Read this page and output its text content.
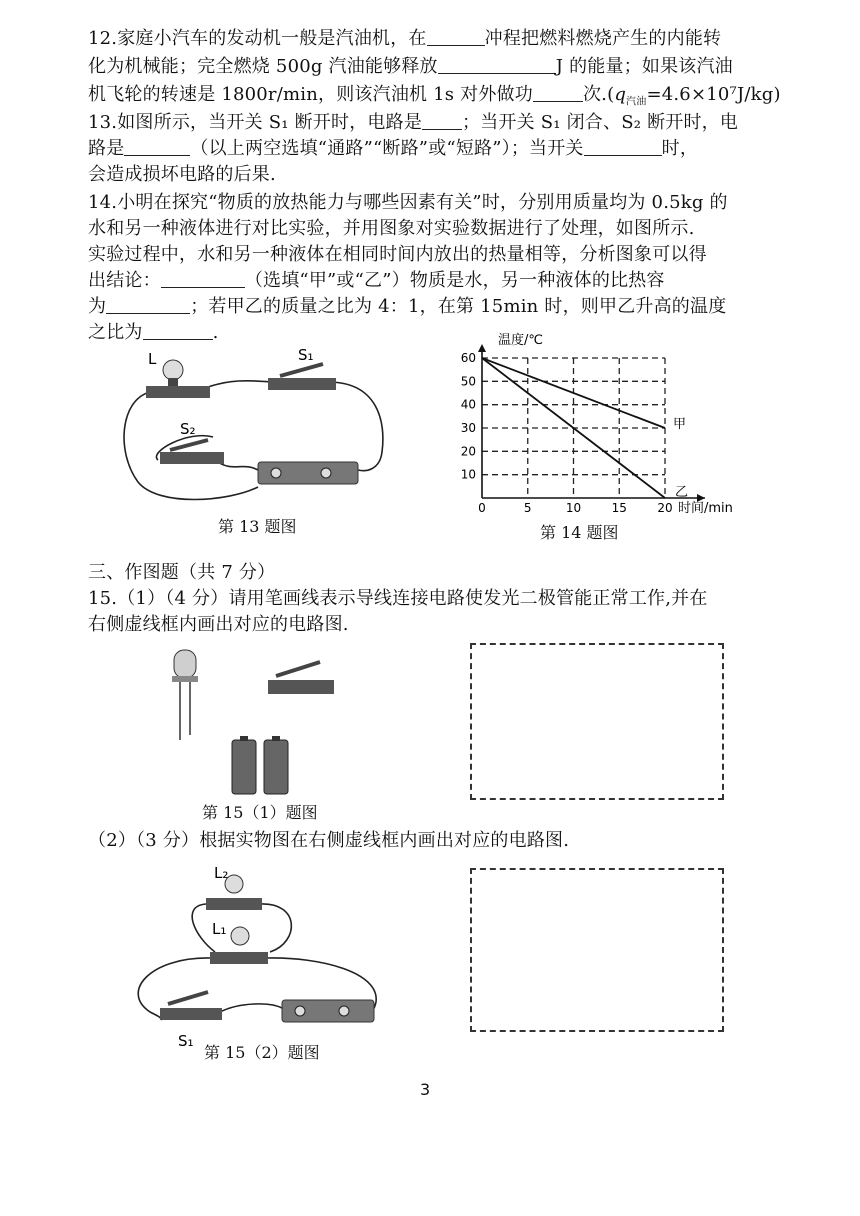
12.家庭小汽车的发动机一般是汽油机，在	冲程把燃料燃烧产生的内能转
化为机械能；完全燃烧 500g 汽油能够释放	J 的能量；如果该汽油
机飞轮的转速是 1800r/min，则该汽油机 1s 对外做功	次$.(q_{汽油}=4.6\times 10^7J/kg)$
13.如图所示，当开关 S₁ 断开时，电路是 ；当开关 S₁ 闭合、S₂ 断开时，电
路是	（以上两空选填“通路”“断路”或“短路”）；当开关	时，
会造成损坏电路的后果.
14.小明在探究“物质的放热能力与哪些因素有关”时，分别用质量均为 0.5kg 的
水和另一种液体进行对比实验，并用图象对实验数据进行了处理，如图所示.
实验过程中，水和另一种液体在相同时间内放出的热量相等，分析图象可以得
出结论：	（选填“甲”或“乙”）物质是水，另一种液体的比热容
为	；若甲乙的质量之比为 4：1，在第 15min 时，则甲乙升高的温度
之比为	.
L	S₁
S₂
第 13 题图
0	5	10	15	20
10
20
30
40
50
60
甲
乙
温度/℃
时间/min
第 14 题图
三、作图题（共 7 分）
15.（1）（4 分）请用笔画线表示导线连接电路使发光二极管能正常工作,并在
右侧虚线框内画出对应的电路图.
第 15（1）题图
（2）（3 分）根据实物图在右侧虚线框内画出对应的电路图.
L₂
L₁
S₁
第 15（2）题图
3
